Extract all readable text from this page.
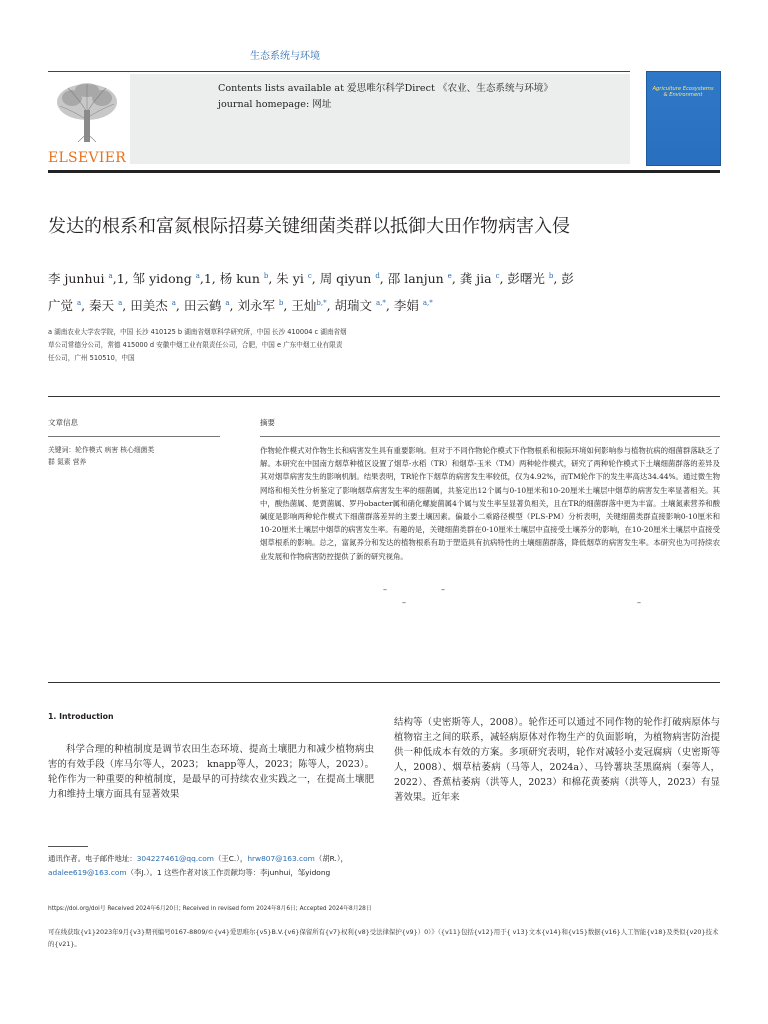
生态系统与环境
ELSEVIER
Contents lists available at 爱思唯尔科学Direct 《农业、生态系统与环境》 journal homepage: 网址
Agriculture Ecosystems & Environment
发达的根系和富氮根际招募关键细菌类群以抵御大田作物病害入侵
李 junhui $^a$,1, 邹 yidong $^a$,1, 杨 kun $^b$, 朱 yi $^c$, 周 qiyun $^d$, 邵 lanjun $^e$, 龚 jia $^c$, 彭曙光 $^b$, 彭
广觉 $^a$, 秦天 $^a$, 田美杰 $^a$, 田云鹤 $^a$, 刘永军 $^b$, 王灿$^{b,*}$, 胡瑞文 $^{a,*}$, 李娟 $^{a,*}$
a 湖南农业大学农学院，中国 长沙 410125 b 湖南省烟草科学研究所，中国 长沙 410004 c 湖南省烟草公司常德分公司，常德 415000 d 安徽中烟工业有限责任公司，合肥，中国 e 广东中烟工业有限责任公司，广州 510510，中国
文章信息
关键词：轮作模式 病害 核心细菌类群 氮素 营养
摘要
作物轮作模式对作物生长和病害发生具有重要影响。但对于不同作物轮作模式下作物根系和根际环境如何影响参与植物抗病的细菌群落缺乏了解。本研究在中国南方烟草种植区设置了烟草-水稻（TR）和烟草-玉米（TM）两种轮作模式，研究了两种轮作模式下土壤细菌群落的差异及其对烟草病害发生的影响机制。结果表明，TR轮作下烟草的病害发生率较低，仅为4.92%，而TM轮作下的发生率高达34.44%。通过微生物网络和相关性分析鉴定了影响烟草病害发生率的细菌属，共鉴定出12个属与0-10厘米和10-20厘米土壤层中烟草的病害发生率显著相关。其中，酸热菌属、楚贾菌属、罗丹obacter属和硝化螺旋菌属4个属与发生率呈显著负相关，且在TR的细菌群落中更为丰富。土壤氮素营养和酸碱度是影响两种轮作模式下细菌群落差异的主要土壤因素。偏最小二乘路径模型（PLS-PM）分析表明，关键细菌类群直接影响0-10厘米和10-20厘米土壤层中烟草的病害发生率。有趣的是，关键细菌类群在0-10厘米土壤层中直接受土壤养分的影响，在10-20厘米土壤层中直接受烟草根系的影响。总之，富氮养分和发达的植物根系有助于塑造具有抗病特性的土壤细菌群落，降低烟草的病害发生率。本研究也为可持续农业发展和作物病害防控提供了新的研究视角。
–	–
–	–
1. Introduction
科学合理的种植制度是调节农田生态环境、提高土壤肥力和减少植物病虫害的有效手段（库马尔等人，2023； knapp等人，2023；陈等人，2023）。轮作作为一种重要的种植制度，是最早的可持续农业实践之一，在提高土壤肥力和维持土壤方面具有显著效果
结构等（史密斯等人，2008）。轮作还可以通过不同作物的轮作打破病原体与植物宿主之间的联系，减轻病原体对作物生产的负面影响，为植物病害防治提供一种低成本有效的方案。多项研究表明，轮作对减轻小麦冠腐病（史密斯等人，2008）、烟草枯萎病（马等人，2024a）、马铃薯块茎黑腐病（秦等人，2022）、香蕉枯萎病（洪等人，2023）和棉花黄萎病（洪等人，2023）有显著效果。近年来
通讯作者。电子邮件地址：304227461@qq.com（王C.），hrw807@163.com（胡R.），
adalee619@163.com（李J.）。1 这些作者对该工作贡献均等：李junhui，邹yidong
https://doi.org/doi号 Received 2024年6月20日; Received in revised form 2024年8月6日; Accepted 2024年8月28日
可在线获取{v1}2023年9月{v3}期刊编号0167-8809/©{v4}爱思唯尔{v5}B.V.{v6}保留所有{v7}权利{v8}受法律保护{v9}）0）》（{v11}包括{v12}用于{ v13}文本{v14}和{v15}数据{v16}人工智能{v18}及类似{v20}技术的{v21}。
